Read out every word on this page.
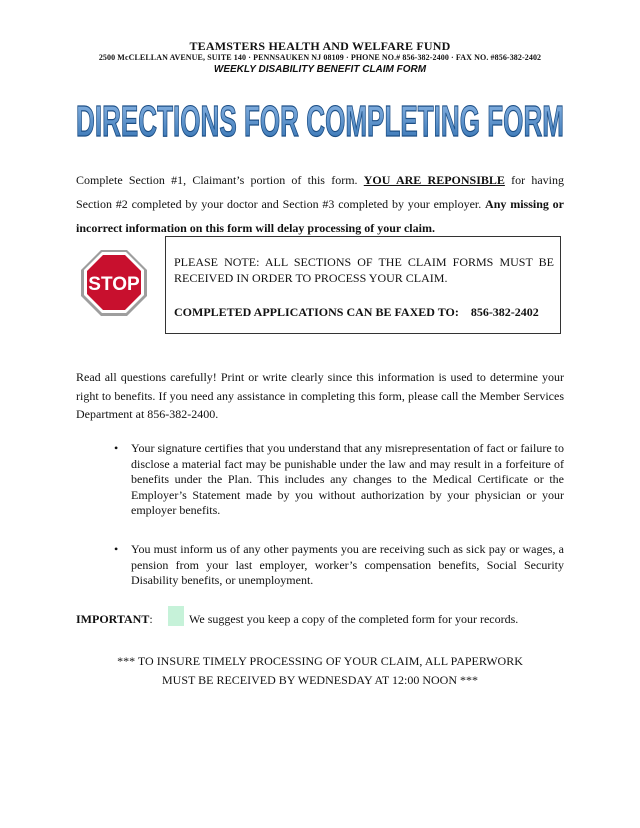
TEAMSTERS HEALTH AND WELFARE FUND
2500 McCLELLAN AVENUE, SUITE 140 · PENNSAUKEN NJ 08109 · PHONE NO.# 856-382-2400 · FAX NO. #856-382-2402
WEEKLY DISABILITY BENEFIT CLAIM FORM
DIRECTIONS FOR COMPLETING FORM
Complete Section #1, Claimant’s portion of this form. YOU ARE REPONSIBLE for having Section #2 completed by your doctor and Section #3 completed by your employer. Any missing or incorrect information on this form will delay processing of your claim.
STOP
PLEASE NOTE: ALL SECTIONS OF THE CLAIM FORMS MUST BE RECEIVED IN ORDER TO PROCESS YOUR CLAIM.
COMPLETED APPLICATIONS CAN BE FAXED TO: 856-382-2402
Read all questions carefully! Print or write clearly since this information is used to determine your right to benefits. If you need any assistance in completing this form, please call the Member Services Department at 856-382-2400.
• Your signature certifies that you understand that any misrepresentation of fact or failure to disclose a material fact may be punishable under the law and may result in a forfeiture of benefits under the Plan. This includes any changes to the Medical Certificate or the Employer’s Statement made by you without authorization by your physician or your employer benefits.
• You must inform us of any other payments you are receiving such as sick pay or wages, a pension from your last employer, worker’s compensation benefits, Social Security Disability benefits, or unemployment.
IMPORTANT:	We suggest you keep a copy of the completed form for your records.
*** TO INSURE TIMELY PROCESSING OF YOUR CLAIM, ALL PAPERWORK
MUST BE RECEIVED BY WEDNESDAY AT 12:00 NOON ***
